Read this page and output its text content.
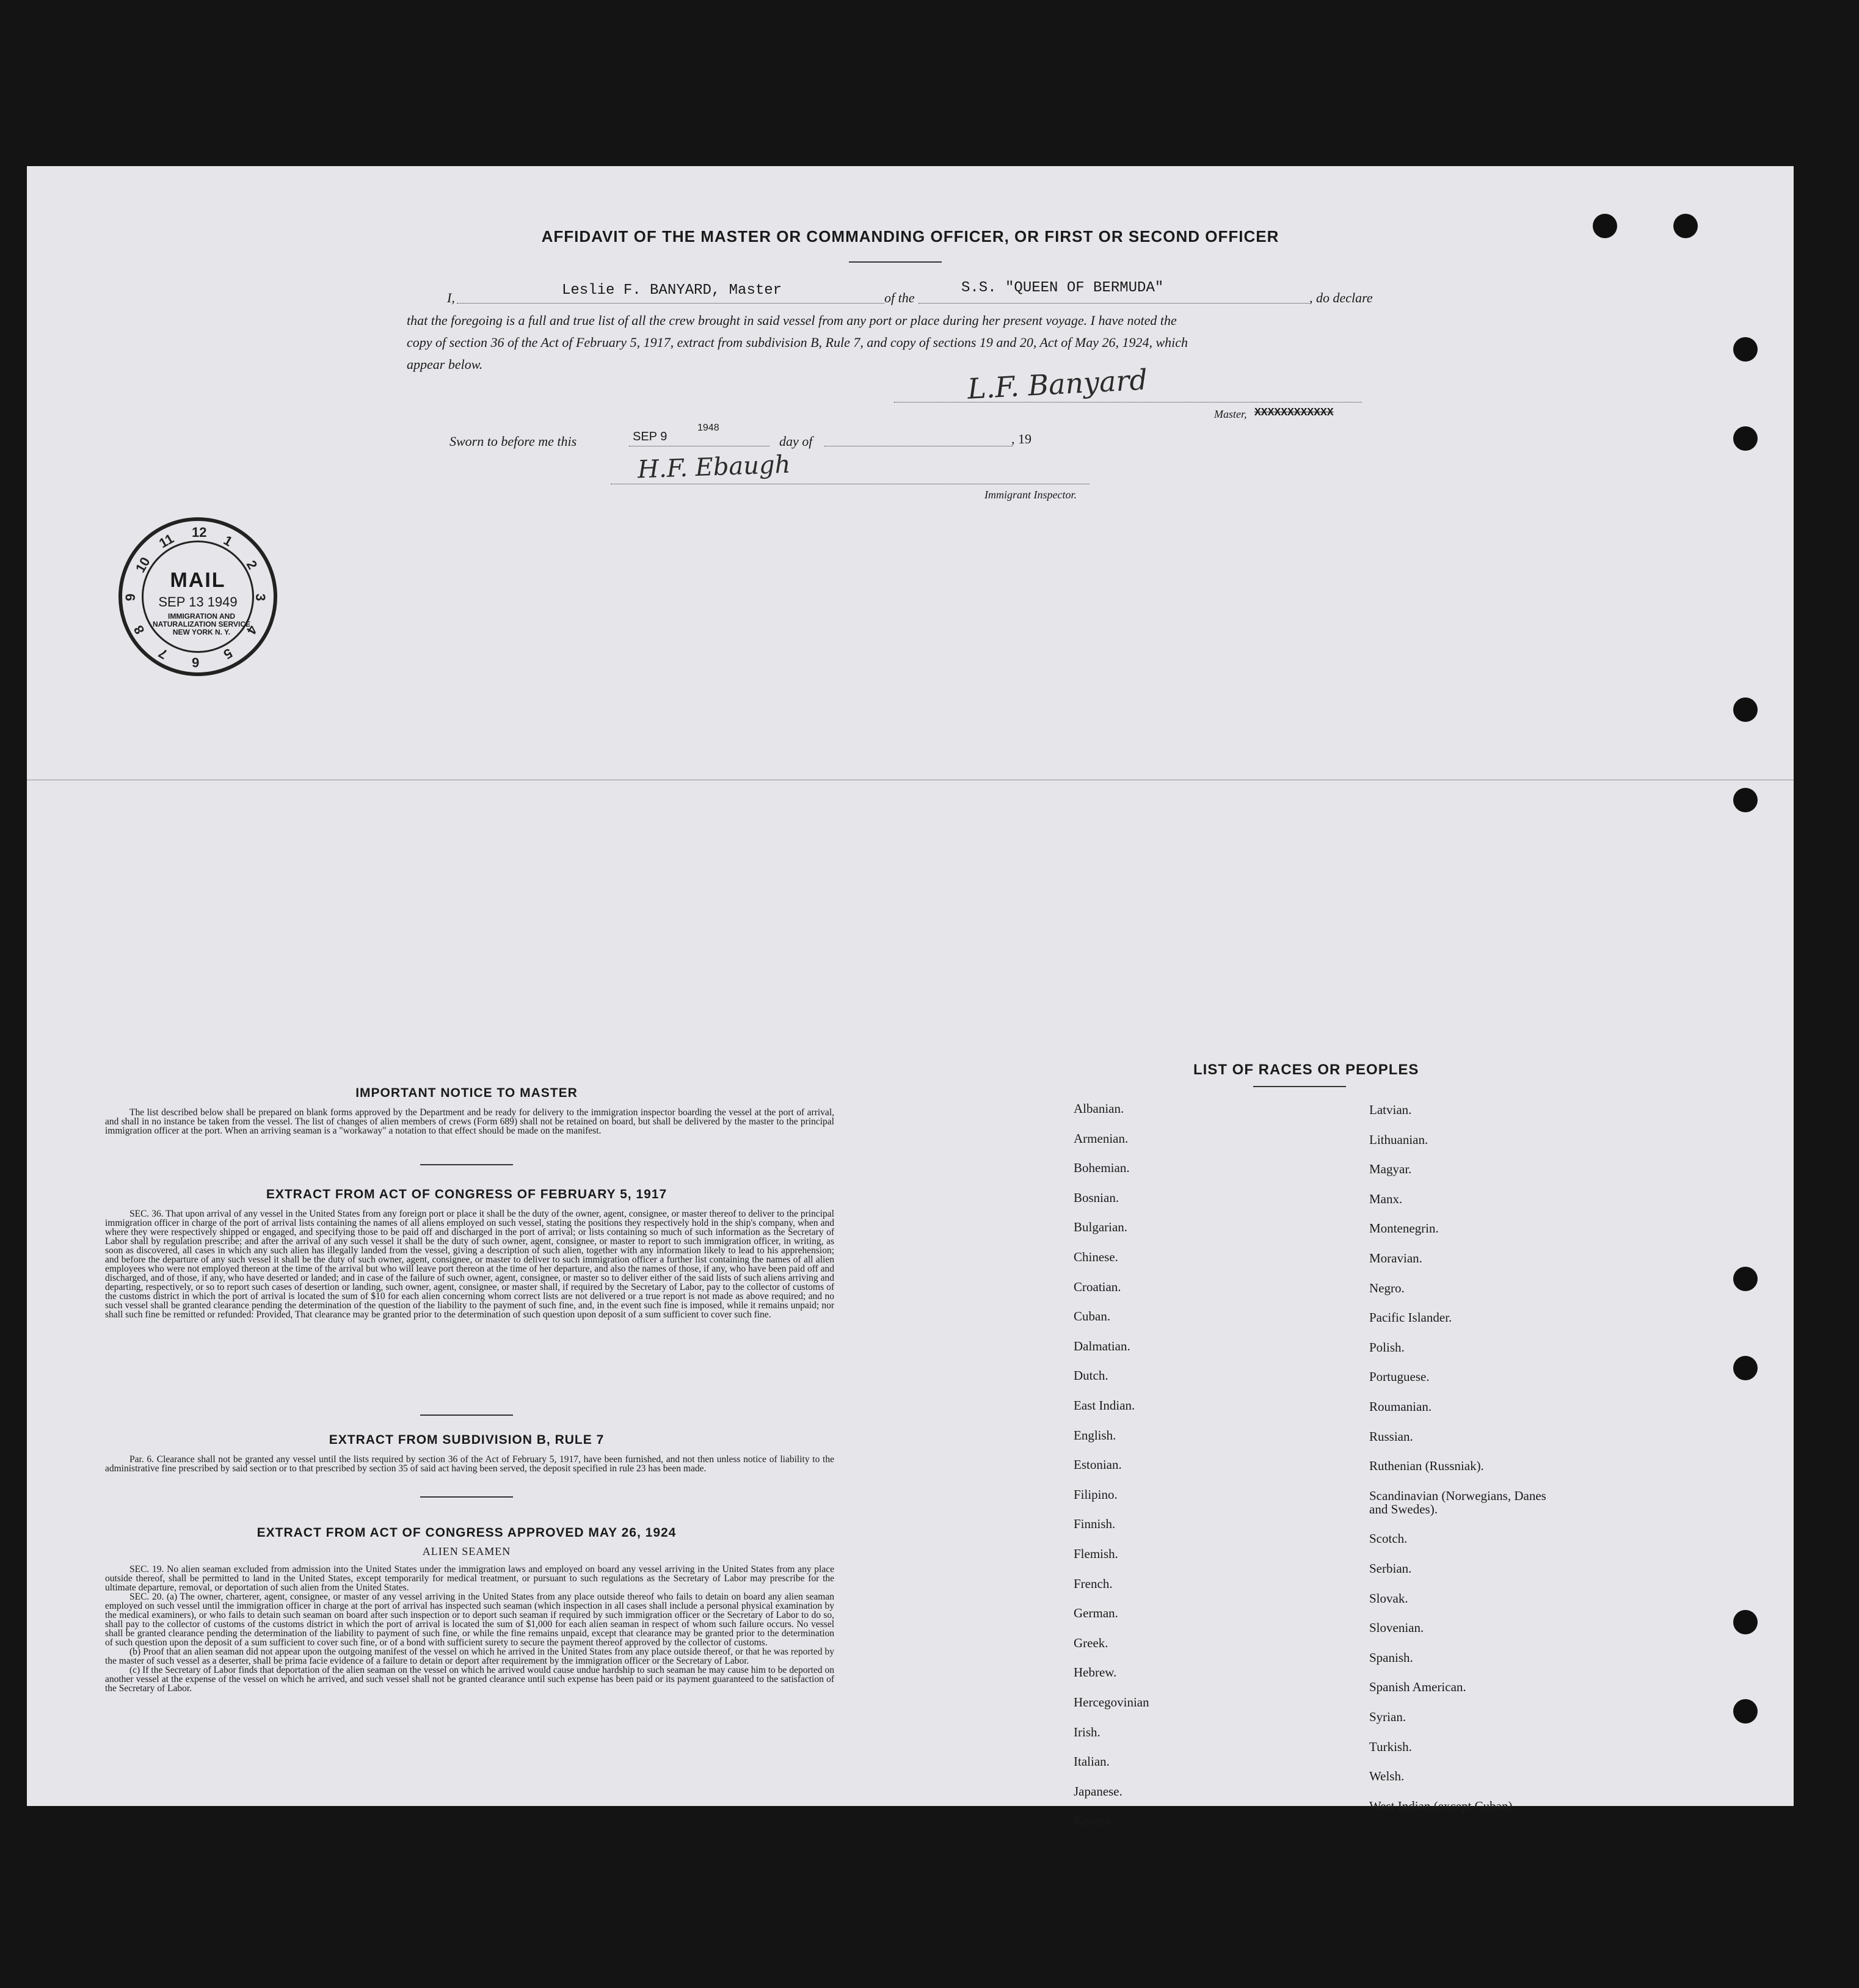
AFFIDAVIT OF THE MASTER OR COMMANDING OFFICER, OR FIRST OR SECOND OFFICER
I,	Leslie F. BANYARD, Master	of the
S.S. "QUEEN OF BERMUDA"
, do declare
that the foregoing is a full and true list of all the crew brought in said vessel from any port or place during her present voyage. I have noted the
copy of section 36 of the Act of February 5, 1917, extract from subdivision B, Rule 7, and copy of sections 19 and 20, Act of May 26, 1924, which
appear below.	L.F. Banyard
Master, XXXXXXXXXXXX
Sworn to before me this	SEP 9
1948
day of	, 19
H.F. Ebaugh
Immigrant Inspector.
12
1
2
3
4
5
6
7
8
9
10
11
MAIL
SEP 13 1949
IMMIGRATION AND NATURALIZATION SERVICE NEW YORK N. Y.
IMPORTANT NOTICE TO MASTER

The list described below shall be prepared on blank forms approved by the Department and be ready for delivery to the immigration inspector boarding the vessel at the port of arrival, and shall in no instance be taken from the vessel. The list of changes of alien members of crews (Form 689) shall not be retained on board, but shall be delivered by the master to the principal immigration officer at the port. When an arriving seaman is a "workaway" a notation to that effect should be made on the manifest.

EXTRACT FROM ACT OF CONGRESS OF FEBRUARY 5, 1917

SEC. 36. That upon arrival of any vessel in the United States from any foreign port or place it shall be the duty of the owner, agent, consignee, or master thereof to deliver to the principal immigration officer in charge of the port of arrival lists containing the names of all aliens employed on such vessel, stating the positions they respectively hold in the ship's company, when and where they were respectively shipped or engaged, and specifying those to be paid off and discharged in the port of arrival; or lists containing so much of such information as the Secretary of Labor shall by regulation prescribe; and after the arrival of any such vessel it shall be the duty of such owner, agent, consignee, or master to report to such immigration officer, in writing, as soon as discovered, all cases in which any such alien has illegally landed from the vessel, giving a description of such alien, together with any information likely to lead to his apprehension; and before the departure of any such vessel it shall be the duty of such owner, agent, consignee, or master to deliver to such immigration officer a further list containing the names of all alien employees who were not employed thereon at the time of the arrival but who will leave port thereon at the time of her departure, and also the names of those, if any, who have been paid off and discharged, and of those, if any, who have deserted or landed; and in case of the failure of such owner, agent, consignee, or master so to deliver either of the said lists of such aliens arriving and departing, respectively, or so to report such cases of desertion or landing, such owner, agent, consignee, or master shall, if required by the Secretary of Labor, pay to the collector of customs of the customs district in which the port of arrival is located the sum of $10 for each alien concerning whom correct lists are not delivered or a true report is not made as above required; and no such vessel shall be granted clearance pending the determination of the question of the liability to the payment of such fine, and, in the event such fine is imposed, while it remains unpaid; nor shall such fine be remitted or refunded: Provided, That clearance may be granted prior to the determination of such question upon deposit of a sum sufficient to cover such fine.

EXTRACT FROM SUBDIVISION B, RULE 7

Par. 6. Clearance shall not be granted any vessel until the lists required by section 36 of the Act of February 5, 1917, have been furnished, and not then unless notice of liability to the administrative fine prescribed by said section or to that prescribed by section 35 of said act having been served, the deposit specified in rule 23 has been made.

EXTRACT FROM ACT OF CONGRESS APPROVED MAY 26, 1924
ALIEN SEAMEN

SEC. 19. No alien seaman excluded from admission into the United States under the immigration laws and employed on board any vessel arriving in the United States from any place outside thereof, shall be permitted to land in the United States, except temporarily for medical treatment, or pursuant to such regulations as the Secretary of Labor may prescribe for the ultimate departure, removal, or deportation of such alien from the United States.

SEC. 20. (a) The owner, charterer, agent, consignee, or master of any vessel arriving in the United States from any place outside thereof who fails to detain on board any alien seaman employed on such vessel until the immigration officer in charge at the port of arrival has inspected such seaman (which inspection in all cases shall include a personal physical examination by the medical examiners), or who fails to detain such seaman on board after such inspection or to deport such seaman if required by such immigration officer or the Secretary of Labor to do so, shall pay to the collector of customs of the customs district in which the port of arrival is located the sum of $1,000 for each alien seaman in respect of whom such failure occurs. No vessel shall be granted clearance pending the determination of the liability to payment of such fine, or while the fine remains unpaid, except that clearance may be granted prior to the determination of such question upon the deposit of a sum sufficient to cover such fine, or of a bond with sufficient surety to secure the payment thereof approved by the collector of customs.

(b) Proof that an alien seaman did not appear upon the outgoing manifest of the vessel on which he arrived in the United States from any place outside thereof, or that he was reported by the master of such vessel as a deserter, shall be prima facie evidence of a failure to detain or deport after requirement by the immigration officer or the Secretary of Labor.

(c) If the Secretary of Labor finds that deportation of the alien seaman on the vessel on which he arrived would cause undue hardship to such seaman he may cause him to be deported on another vessel at the expense of the vessel on which he arrived, and such vessel shall not be granted clearance until such expense has been paid or its payment guaranteed to the satisfaction of the Secretary of Labor.

LIST OF RACES OR PEOPLES
Albanian.
Armenian.
Bohemian.
Bosnian.
Bulgarian.
Chinese.
Croatian.
Cuban.
Dalmatian.
Dutch.
East Indian.
English.
Estonian.
Filipino.
Finnish.
Flemish.
French.
German.
Greek.
Hebrew.
Hercegovinian
Irish.
Italian.
Japanese.
Korean.
Latvian.
Lithuanian.
Magyar.
Manx.
Montenegrin.
Moravian.
Negro.
Pacific Islander.
Polish.
Portuguese.
Roumanian.
Russian.
Ruthenian (Russniak).
Scandinavian (Norwegians, Danes and Swedes).
Scotch.
Serbian.
Slovak.
Slovenian.
Spanish.
Spanish American.
Syrian.
Turkish.
Welsh.
West Indian (except Cuban).
